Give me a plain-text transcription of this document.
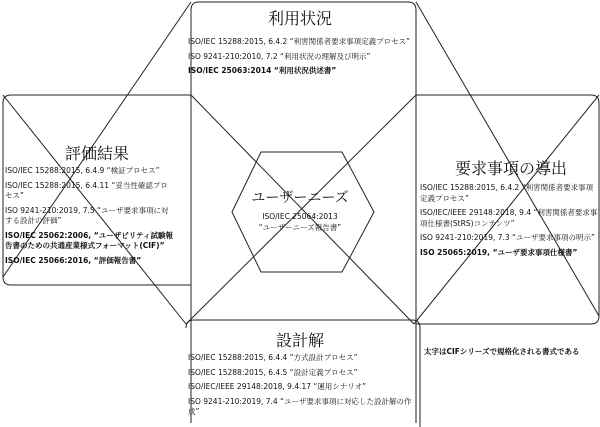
利用状況
ISO/IEC 15288:2015, 6.4.2 “利害関係者要求事項定義プロセス”
ISO 9241-210:2010, 7.2 “利用状況の理解及び明示”
ISO/IEC 25063:2014 “利用状況供述書”
評価結果
ISO/IEC 15288:2015, 6.4.9 “検証プロセス”
ISO/IEC 15288:2015, 6.4.11 “妥当性確認プロセス”
ISO 9241-210:2019, 7.5 “ユーザ要求事項に対する設計の評価”
ISO/IEC 25062:2006, “ユーザビリティ試験報告書のための共通産業様式フォーマット(CIF)”
ISO/IEC 25066:2016, “評価報告書”
要求事項の導出
ISO/IEC 15288:2015, 6.4.2 “利害関係者要求事項定義プロセス”
ISO/IEC/IEEE 29148:2018, 9.4 “利害関係者要求事項仕様書(StRS)コンテンツ”
ISO 9241-210:2019, 7.3 “ユーザ要求事項の明示”
ISO 25065:2019, “ユーザ要求事項仕様書”
設計解
ISO/IEC 15288:2015, 6.4.4 “方式設計プロセス”
ISO/IEC 15288:2015, 6.4.5 “設計定義プロセス”
ISO/IEC/IEEE 29148:2018, 9.4.17 “運用シナリオ”
ISO 9241-210:2019, 7.4 “ユーザ要求事項に対応した設計解の作成”
ユーザーニーズ
ISO/IEC 25064:2013
“ユーザーニーズ報告書”
太字はCIFシリーズで規格化される書式である
